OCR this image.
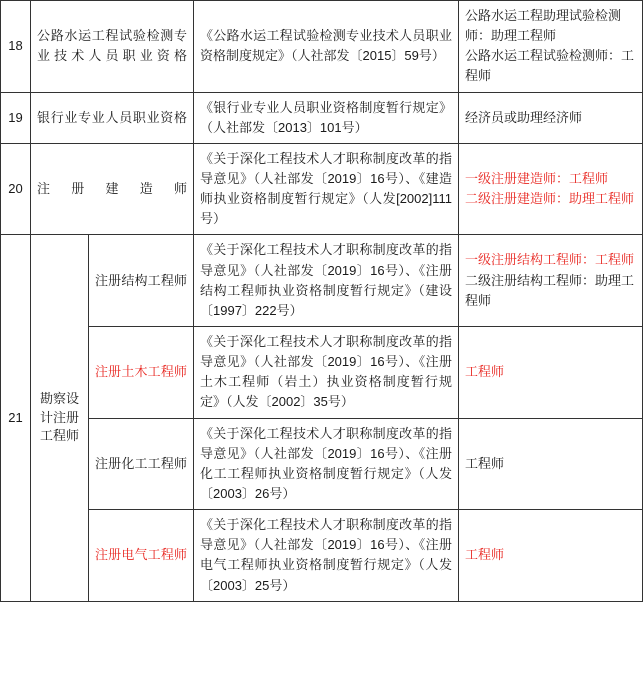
18	公路水运工程试验检测专业技术人员职业资格		《公路水运工程试验检测专业技术人员职业资格制度规定》（人社部发〔2015〕59号）	公路水运工程助理试验检测师：助理工程师
公路水运工程试验检测师：工程师

19	银行业专业人员职业资格		《银行业专业人员职业资格制度暂行规定》（人社部发〔2013〕101号）	经济员或助理经济师

20	注册建造师		《关于深化工程技术人才职称制度改革的指导意见》（人社部发〔2019〕16号）、《建造师执业资格制度暂行规定》（人发[2002]111号）	一级注册建造师：工程师
二级注册建造师：助理工程师

21	勘察设计注册工程师	注册结构工程师	《关于深化工程技术人才职称制度改革的指导意见》（人社部发〔2019〕16号）、《注册结构工程师执业资格制度暂行规定》（建设〔1997〕222号）	一级注册结构工程师：工程师
二级注册结构工程师：助理工程师

		注册土木工程师	《关于深化工程技术人才职称制度改革的指导意见》（人社部发〔2019〕16号）、《注册土木工程师（岩土）执业资格制度暂行规定》（人发〔2002〕35号）	工程师

		注册化工工程师	《关于深化工程技术人才职称制度改革的指导意见》（人社部发〔2019〕16号）、《注册化工工程师执业资格制度暂行规定》（人发〔2003〕26号）	工程师

		注册电气工程师	《关于深化工程技术人才职称制度改革的指导意见》（人社部发〔2019〕16号）、《注册电气工程师执业资格制度暂行规定》（人发〔2003〕25号）	工程师
